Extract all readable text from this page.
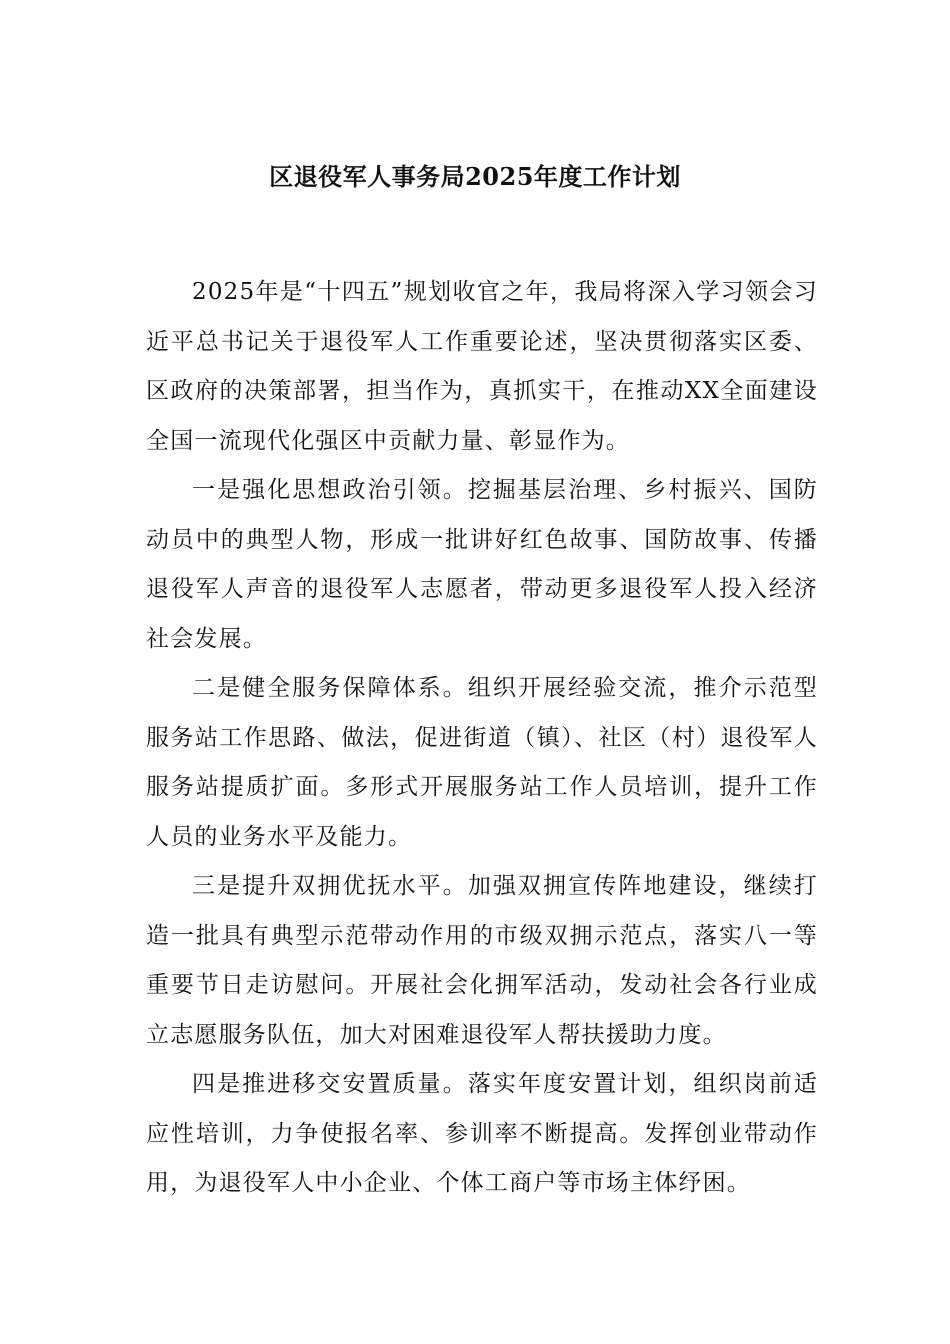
区退役军人事务局2025年度工作计划

2025年是“十四五”规划收官之年，我局将深入学习领会习近平总书记关于退役军人工作重要论述，坚决贯彻落实区委、区政府的决策部署，担当作为，真抓实干，在推动XX全面建设全国一流现代化强区中贡献力量、彰显作为。

一是强化思想政治引领。挖掘基层治理、乡村振兴、国防动员中的典型人物，形成一批讲好红色故事、国防故事、传播退役军人声音的退役军人志愿者，带动更多退役军人投入经济社会发展。

二是健全服务保障体系。组织开展经验交流，推介示范型服务站工作思路、做法，促进街道（镇）、社区（村）退役军人服务站提质扩面。多形式开展服务站工作人员培训，提升工作人员的业务水平及能力。

三是提升双拥优抚水平。加强双拥宣传阵地建设，继续打造一批具有典型示范带动作用的市级双拥示范点，落实八一等重要节日走访慰问。开展社会化拥军活动，发动社会各行业成立志愿服务队伍，加大对困难退役军人帮扶援助力度。

四是推进移交安置质量。落实年度安置计划，组织岗前适应性培训，力争使报名率、参训率不断提高。发挥创业带动作用，为退役军人中小企业、个体工商户等市场主体纾困。
